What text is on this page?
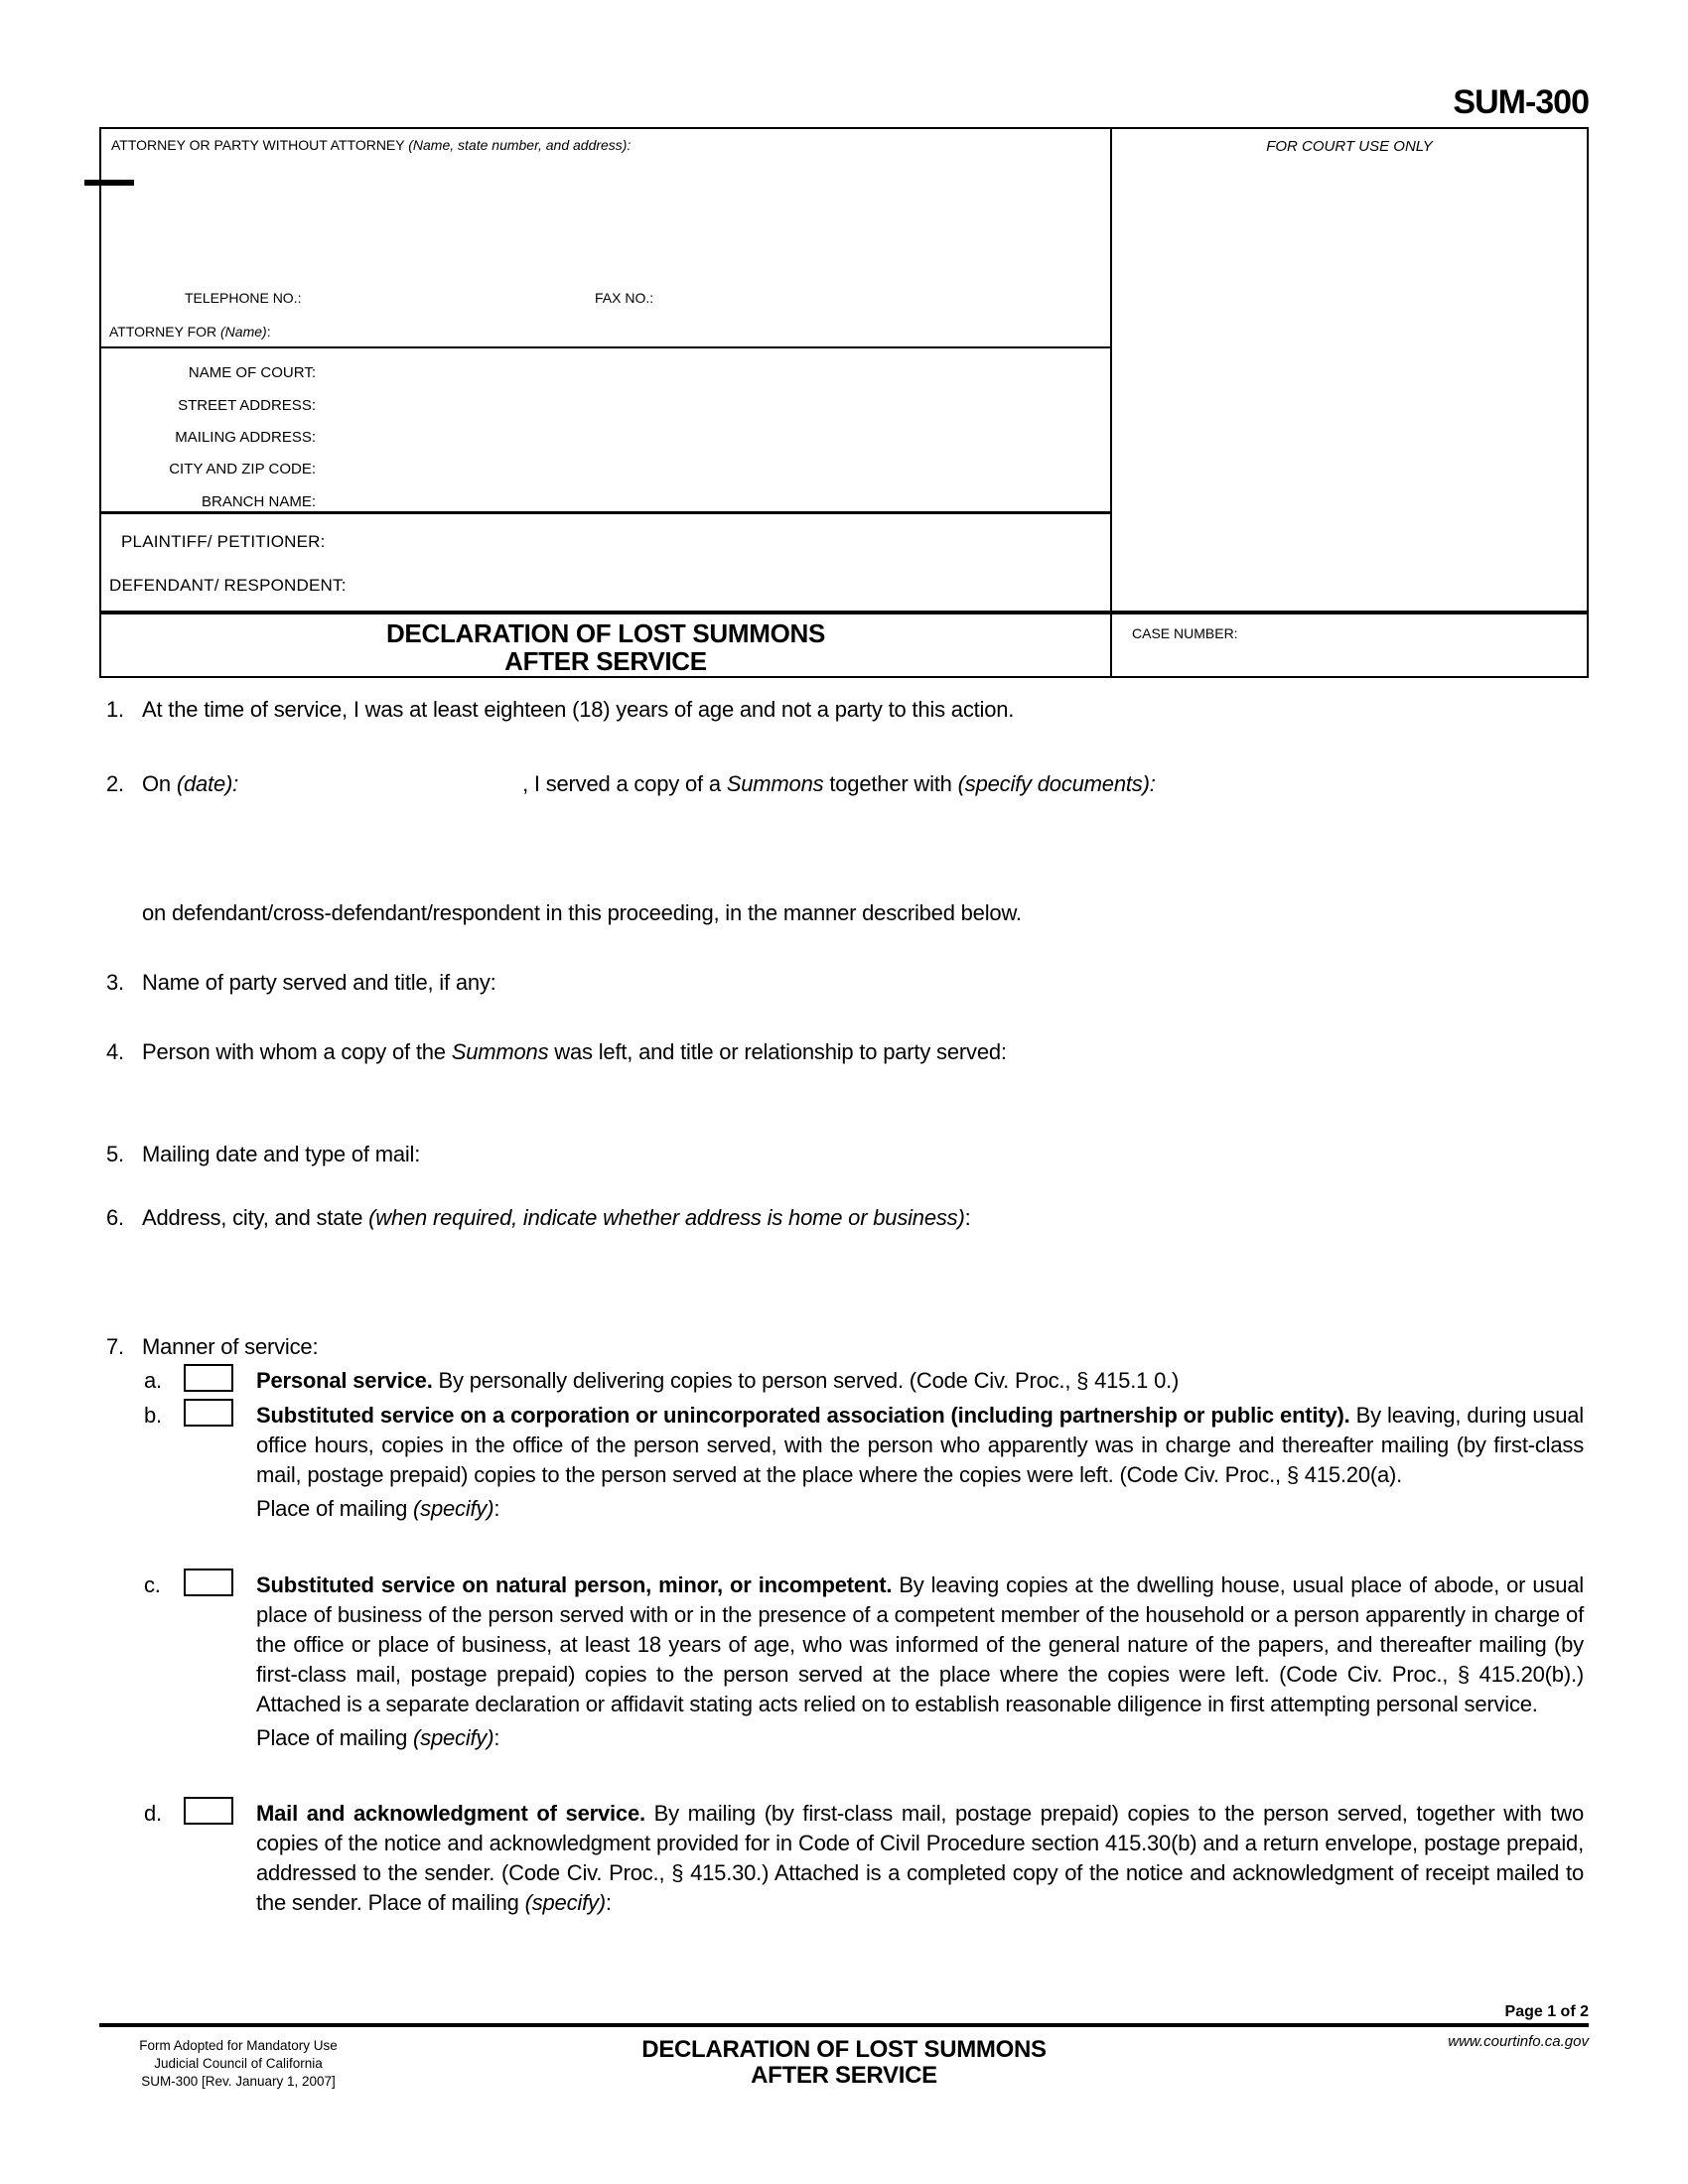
SUM-300
ATTORNEY OR PARTY WITHOUT ATTORNEY (Name, state number, and address):
TELEPHONE NO.:	FAX NO.:
ATTORNEY FOR (Name):
NAME OF COURT:
STREET ADDRESS:
MAILING ADDRESS:
CITY AND ZIP CODE:
BRANCH NAME:
PLAINTIFF/ PETITIONER:
DEFENDANT/ RESPONDENT:
DECLARATION OF LOST SUMMONS
AFTER SERVICE
FOR COURT USE ONLY
CASE NUMBER:
1. At the time of service, I was at least eighteen (18) years of age and not a party to this action.
2. On (date):	, I served a copy of a Summons together with (specify documents):
on defendant/cross-defendant/respondent in this proceeding, in the manner described below.
3. Name of party served and title, if any:
4. Person with whom a copy of the Summons was left, and title or relationship to party served:
5. Mailing date and type of mail:
6. Address, city, and state (when required, indicate whether address is home or business):
7. Manner of service:
a.	Personal service. By personally delivering copies to person served. (Code Civ. Proc., § 415.1 0.)
b.	Substituted service on a corporation or unincorporated association (including partnership or public entity). By leaving, during usual office hours, copies in the office of the person served, with the person who apparently was in charge and thereafter mailing (by first-class mail, postage prepaid) copies to the person served at the place where the copies were left. (Code Civ. Proc., § 415.20(a).

Place of mailing (specify):
c.	Substituted service on natural person, minor, or incompetent. By leaving copies at the dwelling house, usual place of abode, or usual place of business of the person served with or in the presence of a competent member of the household or a person apparently in charge of the office or place of business, at least 18 years of age, who was informed of the general nature of the papers, and thereafter mailing (by first-class mail, postage prepaid) copies to the person served at the place where the copies were left. (Code Civ. Proc., § 415.20(b).) Attached is a separate declaration or affidavit stating acts relied on to establish reasonable diligence in first attempting personal service.

Place of mailing (specify):
d.	Mail and acknowledgment of service. By mailing (by first-class mail, postage prepaid) copies to the person served, together with two copies of the notice and acknowledgment provided for in Code of Civil Procedure section 415.30(b) and a return envelope, postage prepaid, addressed to the sender. (Code Civ. Proc., § 415.30.) Attached is a completed copy of the notice and acknowledgment of receipt mailed to the sender. Place of mailing (specify):

Page 1 of 2
Form Adopted for Mandatory Use
Judicial Council of California
SUM-300 [Rev. January 1, 2007]
DECLARATION OF LOST SUMMONS
AFTER SERVICE
www.courtinfo.ca.gov
